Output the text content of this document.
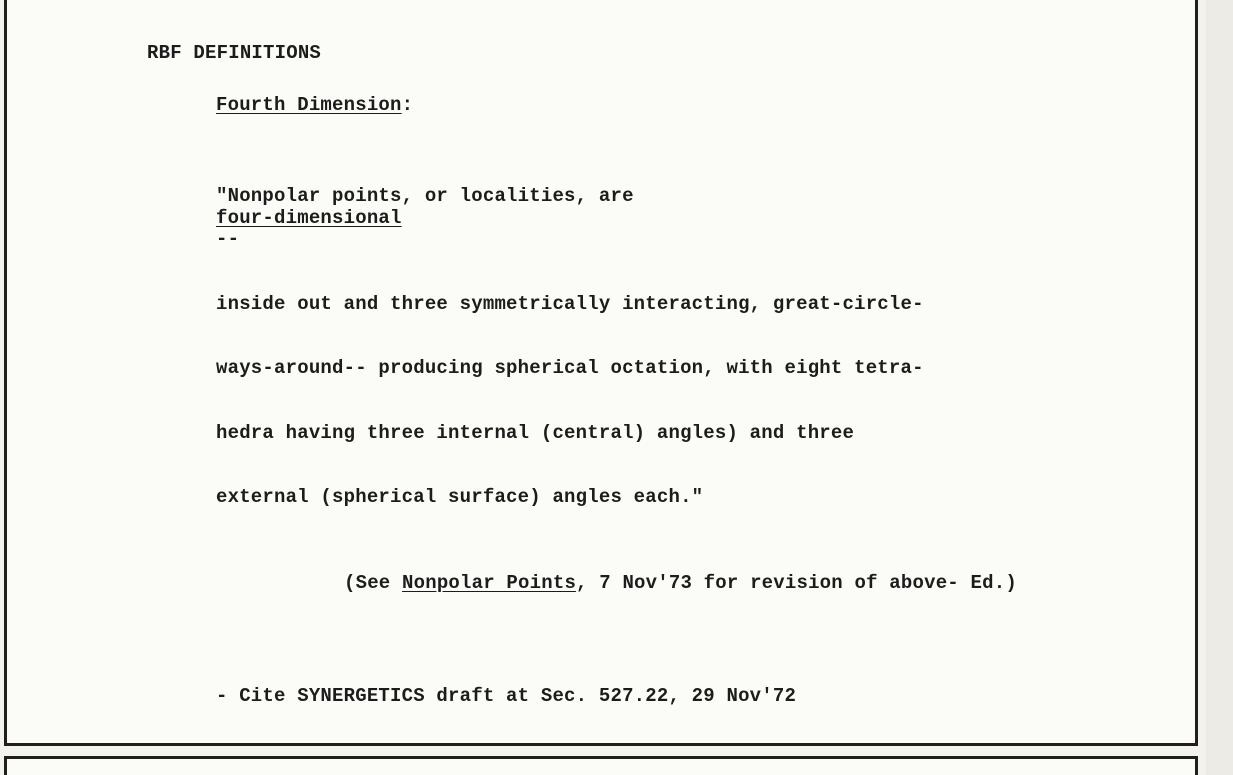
RBF DEFINITIONS

Fourth Dimension:

"Nonpolar points, or localities, are
four-dimensional
--

inside out and three symmetrically interacting, great-circle-

ways-around-- producing spherical octation, with eight tetra-

hedra having three internal (central) angles) and three

external (spherical surface) angles each."

(See Nonpolar Points, 7 Nov'73 for revision of above- Ed.)

- Cite SYNERGETICS draft at Sec. 527.22, 29 Nov'72
